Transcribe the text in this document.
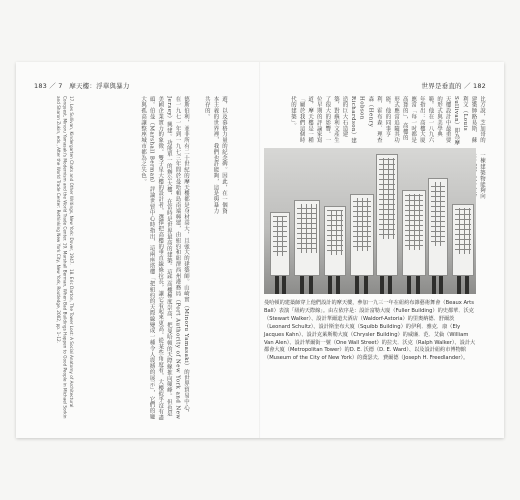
183 ／ 7　摩天樓：浮華與暴力	世界是垂直的 ／ 182
17. Les Sullivan, Kindergarten Chats and Other Writings, New York: Dover, 1947.　18. Eric Darton, The Tower Lost: A Social Anatomy of Architectural Conquest, Minoru Yamasaki's Modernism and the World Trade Center. 19. Marshall Berman, When Bad Buildings Happen to Good People in Michael Sorkin and Sharon Zukin, eds., After the World Trade Center: Rethinking New York City, New York, Routledge, 2002, pp. 1–12.	德斯伯利，並非所有二十世紀的摩天樓都是身材高大，且強大的建築師。山崎實（Minoru Yamasaki）的世界貿易中心，在一九七一年到一九七三年間於曼哈頓島南端興建，由紐約和紐澤西州港務局（Port Authority of New York and New Jersey）興建。功能單一的辦公大樓，在當時是世界最高的建築。這些高樓極度崇高，把曼哈頓的天際線推向顛峰。但也是美國企業實力的象徵。雙子星大樓的設計者，選擇把高樓的垂直線條拉長，讓它看起來更高。從某些角度看，大樓似乎沒有盡頭。伯曼（Marshall Berman）評論世貿中心時指出，這兩座塔樓「把紐約的天際線變成一種令人震撼的展示」，它們的龐大與孤高讓整座城市都為之失色。	遊，以及慕格力量的紀念碑。因此，在一個資本主義的世界裡，我們也許能夠，這是與暴力共存的。	比方說，芝加哥的建築師路易斯．蘇利文（Louis Sullivan）即為摩天樓設計中最重要的形式與美學典範。他在一八九六年指出：高樓大廈應當「每一吋都是高聳的」，高樓的形式應當追隨其功能。他的同事亨利．霍布森．理查森（Henry Hobson Richardson）建造的巨大石造建築，對蘇利文產生了很大的影響。一位早期的評論家寫道，摩天樓是一種「屬於我們這個時代的建築」。
一棟建築物能夠向
曼哈頓的建築師穿上他們設計的摩天樓，參加一九三一年在紐約布雜藝術舞會（Beaux Arts Ball）表演「紐約天際線」。由左依序是：設計富勒大廈（Fuller Building）的史都華．沃克（Stewart Walker）、設計華爾道夫酒店（Waldorf-Astoria）的里奧納德．舒爾茨（Leonard Schultz）、設計斯奎布大廈（Squibb Building）的伊利．雅克．康（Ely Jacques Kahn）、設計克萊斯勒大廈（Chrysler Building）的威廉．范．艾倫（William Van Alen）、設計華爾街一號（One Wall Street）的拉夫．沃克（Ralph Walker）、設計大都會大廈（Metropolitan Tower）的D. E. 沃德（D. E. Ward）、以及設計紐約市博物館（Museum of the City of New York）的喬瑟夫．費爾德（Joseph H. Freedlander）。
